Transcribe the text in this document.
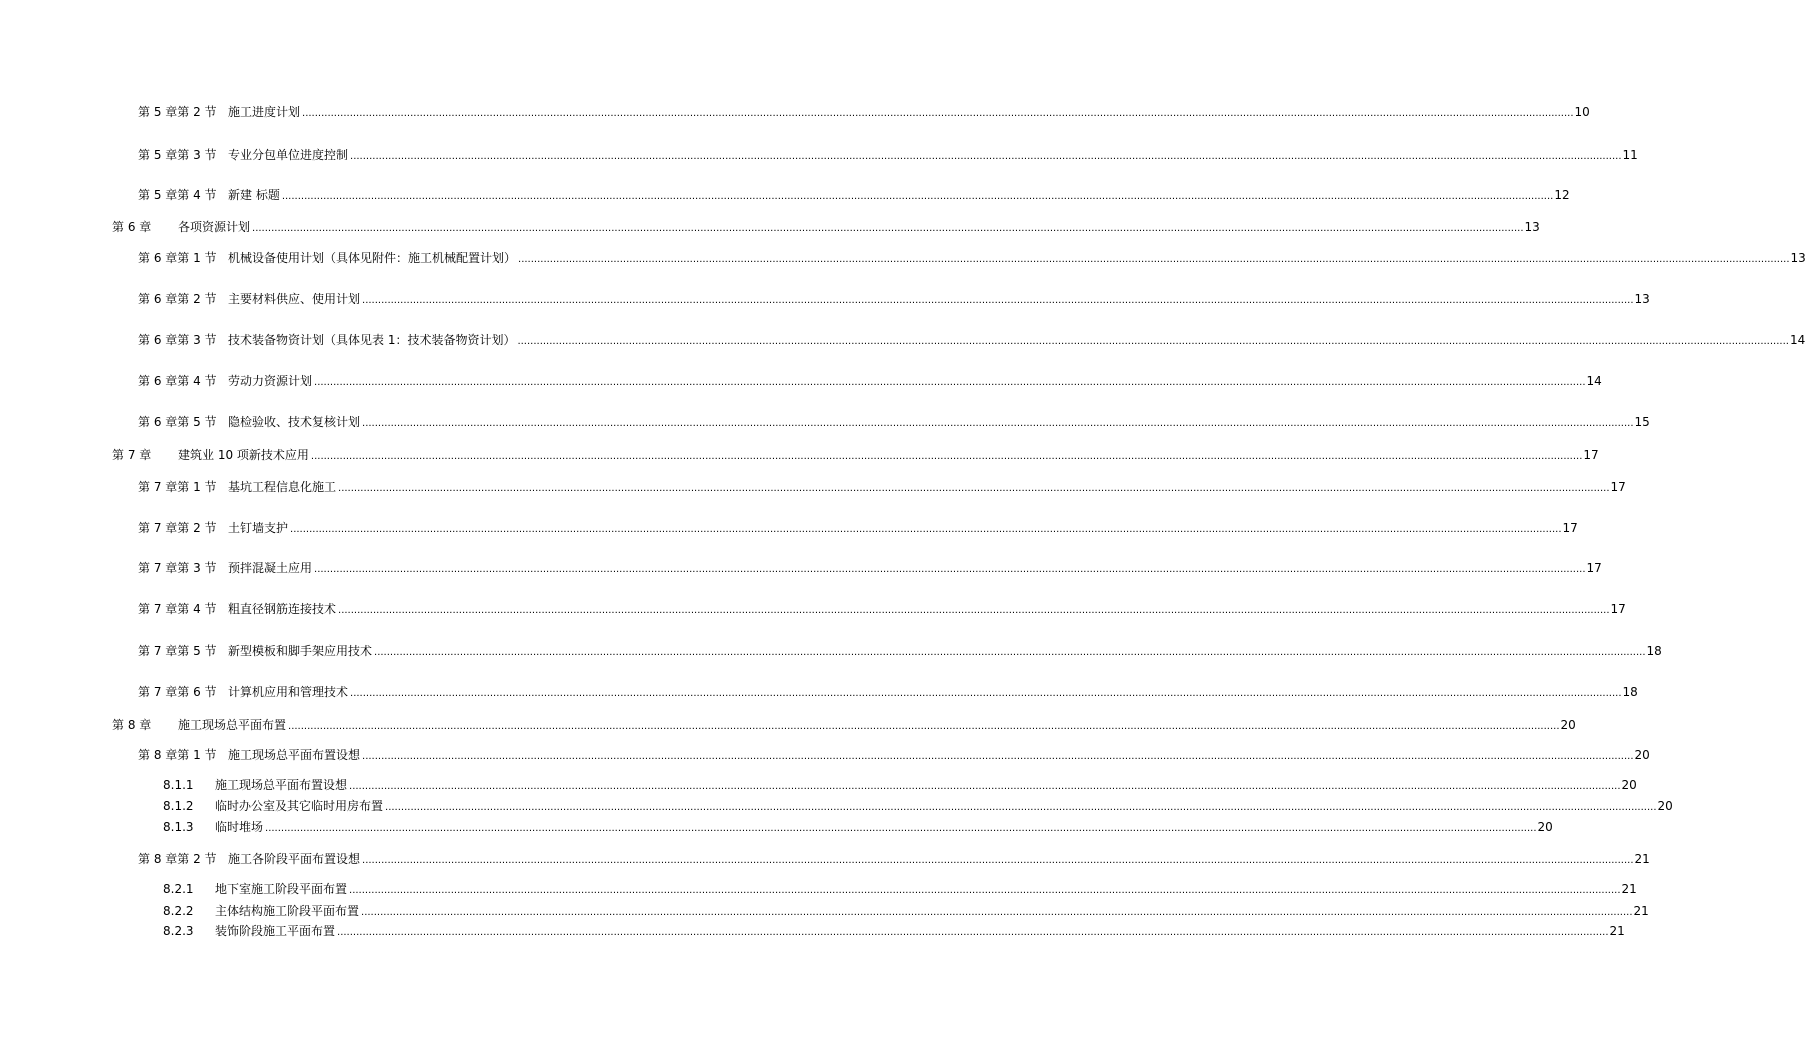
第 5 章第 2 节 施工进度计划 ................................................................................................................................................................................................................................................................................................................................................................................................................ 10
第 5 章第 3 节 专业分包单位进度控制 ................................................................................................................................................................................................................................................................................................................................................................................................................ 11
第 5 章第 4 节 新建 标题 ................................................................................................................................................................................................................................................................................................................................................................................................................ 12
第 6 章	各项资源计划 ................................................................................................................................................................................................................................................................................................................................................................................................................ 13
第 6 章第 1 节 机械设备使用计划（具体见附件：施工机械配置计划） ................................................................................................................................................................................................................................................................................................................................................................................................................ 13
第 6 章第 2 节 主要材料供应、使用计划 ................................................................................................................................................................................................................................................................................................................................................................................................................ 13
第 6 章第 3 节 技术装备物资计划（具体见表 1：技术装备物资计划） ................................................................................................................................................................................................................................................................................................................................................................................................................ 14
第 6 章第 4 节 劳动力资源计划 ................................................................................................................................................................................................................................................................................................................................................................................................................ 14
第 6 章第 5 节 隐检验收、技术复核计划 ................................................................................................................................................................................................................................................................................................................................................................................................................ 15
第 7 章	建筑业 10 项新技术应用 ................................................................................................................................................................................................................................................................................................................................................................................................................ 17
第 7 章第 1 节 基坑工程信息化施工 ................................................................................................................................................................................................................................................................................................................................................................................................................ 17
第 7 章第 2 节 土钉墙支护 ................................................................................................................................................................................................................................................................................................................................................................................................................ 17
第 7 章第 3 节 预拌混凝土应用 ................................................................................................................................................................................................................................................................................................................................................................................................................ 17
第 7 章第 4 节 粗直径钢筋连接技术 ................................................................................................................................................................................................................................................................................................................................................................................................................ 17
第 7 章第 5 节 新型模板和脚手架应用技术 ................................................................................................................................................................................................................................................................................................................................................................................................................ 18
第 7 章第 6 节 计算机应用和管理技术 ................................................................................................................................................................................................................................................................................................................................................................................................................ 18
第 8 章	施工现场总平面布置 ................................................................................................................................................................................................................................................................................................................................................................................................................ 20
第 8 章第 1 节 施工现场总平面布置设想 ................................................................................................................................................................................................................................................................................................................................................................................................................ 20
8.1.1	施工现场总平面布置设想 ................................................................................................................................................................................................................................................................................................................................................................................................................ 20
8.1.2	临时办公室及其它临时用房布置 ................................................................................................................................................................................................................................................................................................................................................................................................................ 20
8.1.3	临时堆场 ................................................................................................................................................................................................................................................................................................................................................................................................................ 20
第 8 章第 2 节 施工各阶段平面布置设想 ................................................................................................................................................................................................................................................................................................................................................................................................................ 21
8.2.1	地下室施工阶段平面布置 ................................................................................................................................................................................................................................................................................................................................................................................................................ 21
8.2.2	主体结构施工阶段平面布置 ................................................................................................................................................................................................................................................................................................................................................................................................................ 21
8.2.3	装饰阶段施工平面布置 ................................................................................................................................................................................................................................................................................................................................................................................................................ 21
